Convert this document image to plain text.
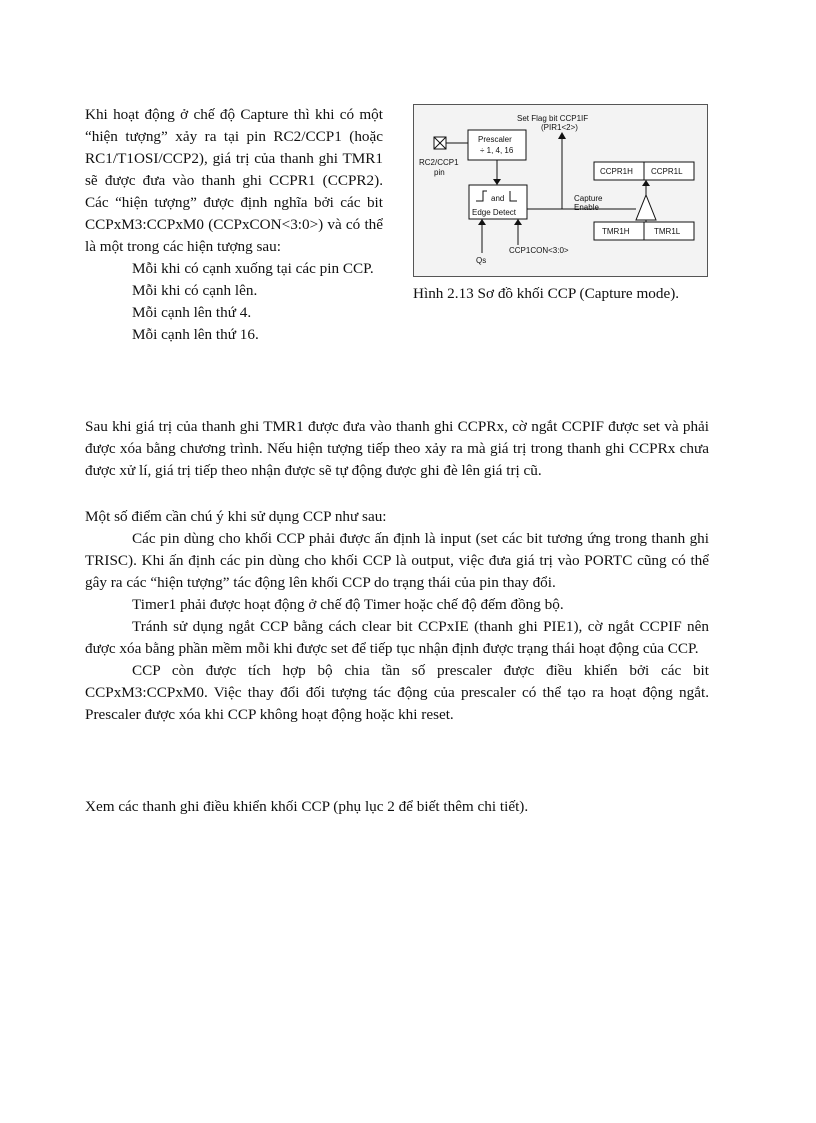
Khi hoạt động ở chế độ Capture thì khi có một “hiện tượng” xảy ra tại pin RC2/CCP1 (hoặc RC1/T1OSI/CCP2), giá trị của thanh ghi TMR1 sẽ được đưa vào thanh ghi CCPR1 (CCPR2). Các “hiện tượng” được định nghĩa bởi các bit CCPxM3:CCPxM0 (CCPxCON<3:0>) và có thể là một trong các hiện tượng sau:

Mỗi khi có cạnh xuống tại các pin CCP.

Mỗi khi có cạnh lên.

Mỗi cạnh lên thứ 4.

Mỗi cạnh lên thứ 16.

Set Flag bit CCP1IF
(PIR1<2>)
RC2/CCP1
pin
Prescaler
÷ 1, 4, 16
and
Edge Detect
Capture
Enable
CCPR1H CCPR1L
TMR1H	TMR1L
Qs
CCP1CON<3:0>
Hình 2.13 Sơ đồ khối CCP (Capture mode).

Sau khi giá trị của thanh ghi TMR1 được đưa vào thanh ghi CCPRx, cờ ngắt CCPIF được set và phải được xóa bằng chương trình. Nếu hiện tượng tiếp theo xảy ra mà giá trị trong thanh ghi CCPRx chưa được xử lí, giá trị tiếp theo nhận được sẽ tự động được ghi đè lên giá trị cũ.

Một số điểm cần chú ý khi sử dụng CCP như sau:

Các pin dùng cho khối CCP phải được ấn định là input (set các bit tương ứng trong thanh ghi TRISC). Khi ấn định các pin dùng cho khối CCP là output, việc đưa giá trị vào PORTC cũng có thể gây ra các “hiện tượng” tác động lên khối CCP do trạng thái của pin thay đổi.

Timer1 phải được hoạt động ở chế độ Timer hoặc chế độ đếm đồng bộ.

Tránh sử dụng ngắt CCP bằng cách clear bit CCPxIE (thanh ghi PIE1), cờ ngắt CCPIF nên được xóa bằng phần mềm mỗi khi được set để tiếp tục nhận định được trạng thái hoạt động của CCP.

CCP còn được tích hợp bộ chia tần số prescaler được điều khiển bởi các bit CCPxM3:CCPxM0. Việc thay đổi đối tượng tác động của prescaler có thể tạo ra hoạt động ngắt. Prescaler được xóa khi CCP không hoạt động hoặc khi reset.

Xem các thanh ghi điều khiển khối CCP (phụ lục 2 để biết thêm chi tiết).
